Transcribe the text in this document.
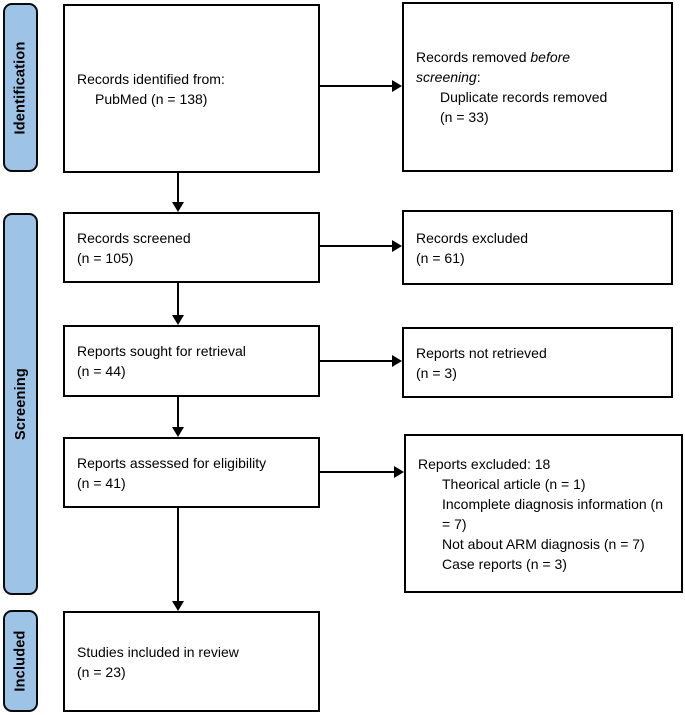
Identification
Screening
Included
Records identified from:
PubMed (n = 138)
Records removed before
screening:
Duplicate records removed
(n = 33)
Records screened
(n = 105)
Records excluded
(n = 61)
Reports sought for retrieval
(n = 44)
Reports not retrieved
(n = 3)
Reports assessed for eligibility
(n = 41)
Reports excluded: 18
Theorical article (n = 1)
Incomplete diagnosis information (n = 7)
Not about ARM diagnosis (n = 7)
Case reports (n = 3)
Studies included in review
(n = 23)
